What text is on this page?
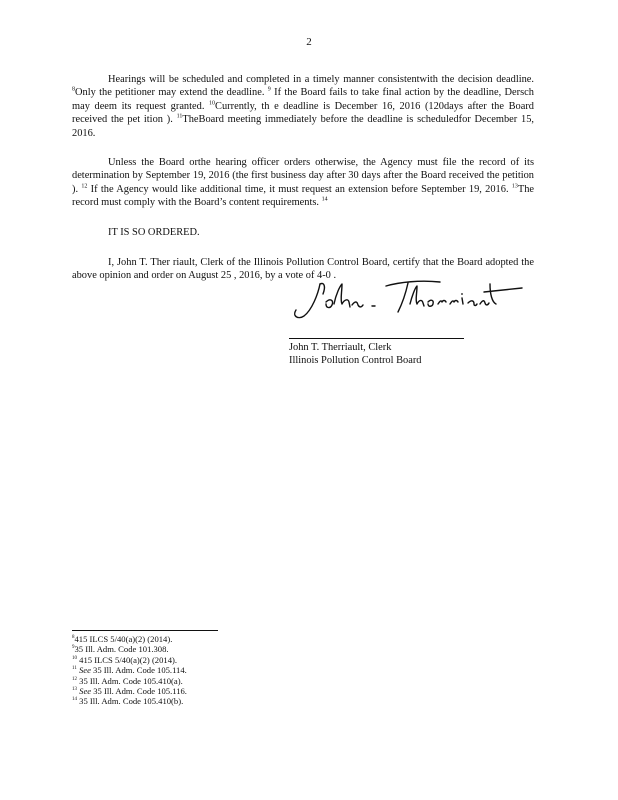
2

Hearings will be scheduled and completed in a timely manner consistentwith the decision deadline. $^8$Only the petitioner may extend the deadline. $^9$ If the Board fails to take final action by the deadline, Dersch may deem its request granted. $^{10}$Currently, th e deadline is December 16, 2016 (120days after the Board received the pet ition ). $^{11}$TheBoard meeting immediately before the deadline is scheduledfor December 15, 2016.

Unless the Board orthe hearing officer orders otherwise, the Agency must file the record of its determination by September 19, 2016 (the first business day after 30 days after the Board received the petition ). $^{12}$ If the Agency would like additional time, it must request an extension before September 19, 2016. $^{13}$The record must comply with the Board’s content requirements. $^{14}$

IT IS SO ORDERED.

I, John T. Ther riault, Clerk of the Illinois Pollution Control Board, certify that the Board adopted the above opinion and order on August 25 , 2016, by a vote of 4-0 .

John T. Therriault, Clerk
Illinois Pollution Control Board
$^8$415 ILCS 5/40(a)(2) (2014).
$^9$35 Ill. Adm. Code 101.308.
$^{10}$ 415 ILCS 5/40(a)(2) (2014).
$^{11}$ See 35 Ill. Adm. Code 105.114.
$^{12}$ 35 Ill. Adm. Code 105.410(a).
$^{13}$ See 35 Ill. Adm. Code 105.116.
$^{14}$ 35 Ill. Adm. Code 105.410(b).
